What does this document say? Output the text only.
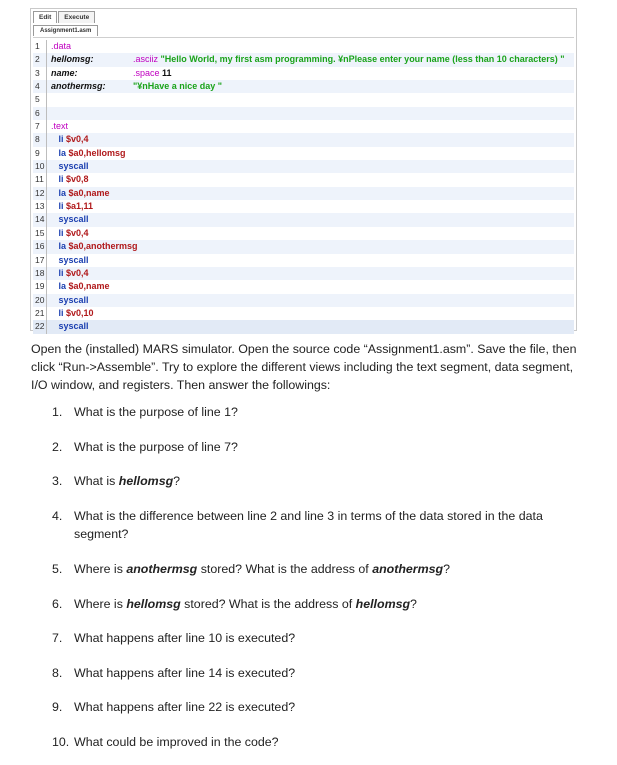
Edit	Execute
Assignment1.asm
1	.data
2	hellomsg:	.asciiz "Hello World, my first asm programming. ¥nPlease enter your name (less than 10 characters) "
3	name:	.space 11
4	anothermsg:	"¥nHave a nice day "
5
6
7	.text
8	li $v0,4
9	la $a0,hellomsg
10	syscall
11	li $v0,8
12	la $a0,name
13	li $a1,11
14	syscall
15	li $v0,4
16	la $a0,anothermsg
17	syscall
18	li $v0,4
19	la $a0,name
20	syscall
21	li $v0,10
22	syscall
Open the (installed) MARS simulator. Open the source code “Assignment1.asm”. Save the file, then click “Run->Assemble”. Try to explore the different views including the text segment, data segment, I/O window, and registers. Then answer the followings:
1. What is the purpose of line 1?
2. What is the purpose of line 7?
3. What is hellomsg?
4. What is the difference between line 2 and line 3 in terms of the data stored in the data segment?
5. Where is anothermsg stored? What is the address of anothermsg?
6. Where is hellomsg stored? What is the address of hellomsg?
7. What happens after line 10 is executed?
8. What happens after line 14 is executed?
9. What happens after line 22 is executed?
10. What could be improved in the code?
